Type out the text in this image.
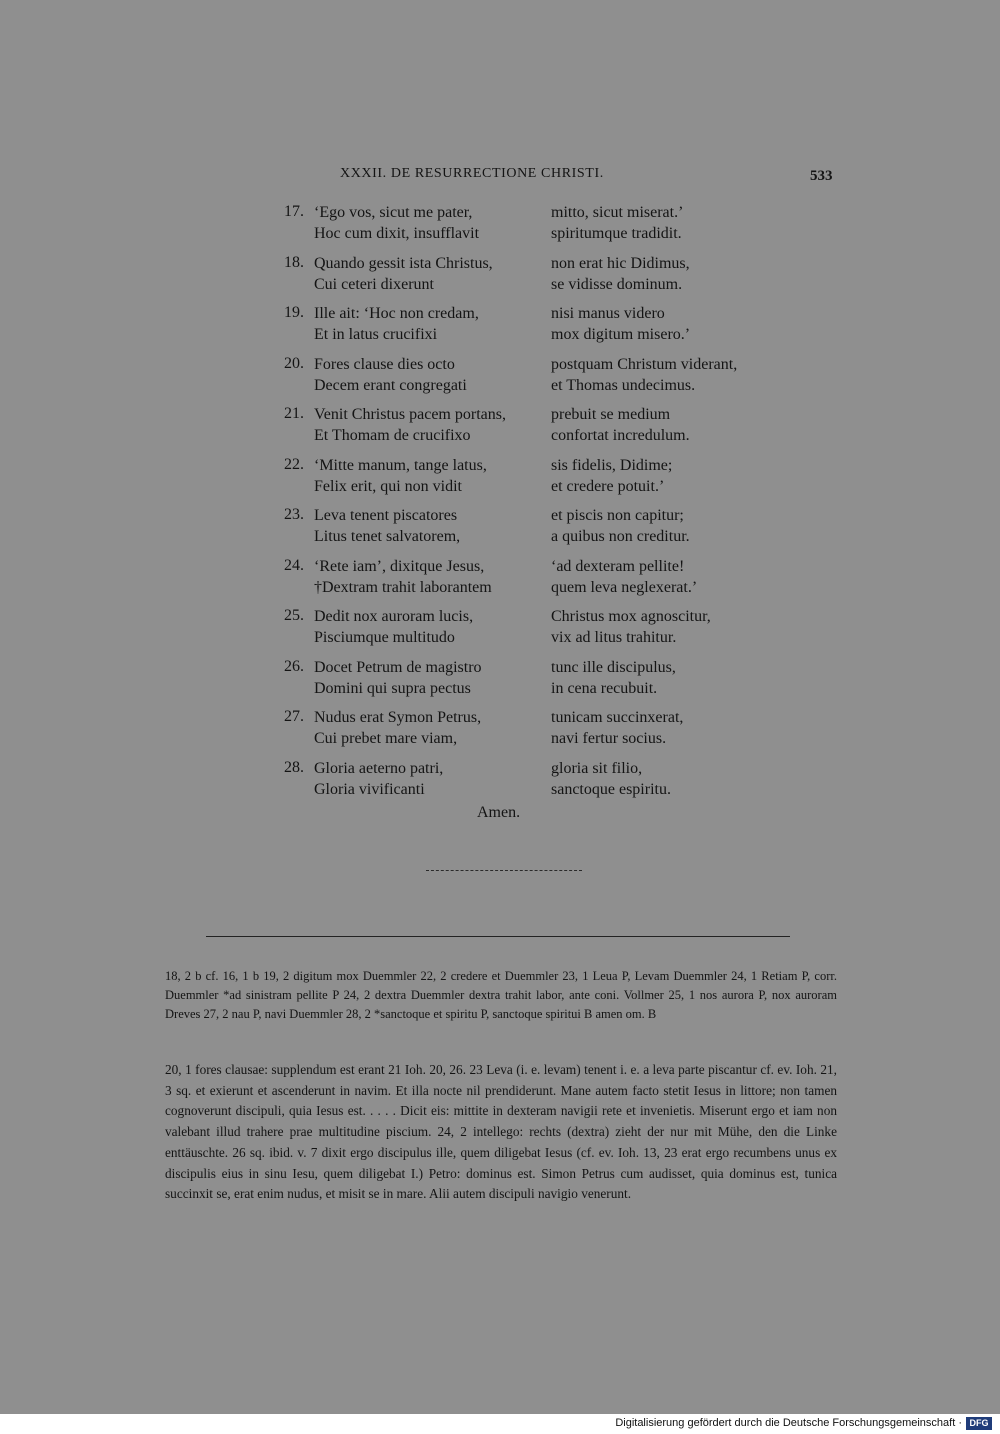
XXXII. DE RESURRECTIONE CHRISTI.	533
17. ‘Ego vos, sicut me pater,	mitto, sicut miserat.’
Hoc cum dixit, insufflavit	spiritumque tradidit.
18. Quando gessit ista Christus,	non erat hic Didimus,
Cui ceteri dixerunt	se vidisse dominum.
19. Ille ait: ‘Hoc non credam,	nisi manus videro
Et in latus crucifixi	mox digitum misero.’
20. Fores clause dies octo	postquam Christum viderant,
Decem erant congregati	et Thomas undecimus.
21. Venit Christus pacem portans,	prebuit se medium
Et Thomam de crucifixo	confortat incredulum.
22. ‘Mitte manum, tange latus,	sis fidelis, Didime;
Felix erit, qui non vidit	et credere potuit.’
23. Leva tenent piscatores	et piscis non capitur;
Litus tenet salvatorem,	a quibus non creditur.
24. ‘Rete iam’, dixitque Jesus,	‘ad dexteram pellite!
†Dextram trahit laborantem	quem leva neglexerat.’
25. Dedit nox auroram lucis,	Christus mox agnoscitur,
Pisciumque multitudo	vix ad litus trahitur.
26. Docet Petrum de magistro	tunc ille discipulus,
Domini qui supra pectus	in cena recubuit.
27. Nudus erat Symon Petrus,	tunicam succinxerat,
Cui prebet mare viam,	navi fertur socius.
28. Gloria aeterno patri,	gloria sit filio,
Gloria vivificanti	sanctoque espiritu.
Amen.
18, 2 b cf. 16, 1 b 19, 2 digitum mox Duemmler 22, 2 credere et Duemmler 23, 1 Leua P, Levam Duemmler 24, 1 Retiam P, corr. Duemmler *ad sinistram pellite P 24, 2 dextra Duemmler dextra trahit labor, ante coni. Vollmer 25, 1 nos aurora P, nox auroram Dreves 27, 2 nau P, navi Duemmler 28, 2 *sanctoque et spiritu P, sanctoque spiritui B amen om. B
20, 1 fores clausae: supplendum est erant 21 Ioh. 20, 26. 23 Leva (i. e. levam) tenent i. e. a leva parte piscantur cf. ev. Ioh. 21, 3 sq. et exierunt et ascenderunt in navim. Et illa nocte nil prendiderunt. Mane autem facto stetit Iesus in littore; non tamen cognoverunt discipuli, quia Iesus est. . . . . Dicit eis: mittite in dexteram navigii rete et invenietis. Miserunt ergo et iam non valebant illud trahere prae multitudine piscium. 24, 2 intellego: rechts (dextra) zieht der nur mit Mühe, den die Linke enttäuschte. 26 sq. ibid. v. 7 dixit ergo discipulus ille, quem diligebat Iesus (cf. ev. Ioh. 13, 23 erat ergo recumbens unus ex discipulis eius in sinu Iesu, quem diligebat I.) Petro: dominus est. Simon Petrus cum audisset, quia dominus est, tunica succinxit se, erat enim nudus, et misit se in mare. Alii autem discipuli navigio venerunt.
Digitalisierung gefördert durch die Deutsche Forschungsgemeinschaft · DFG
